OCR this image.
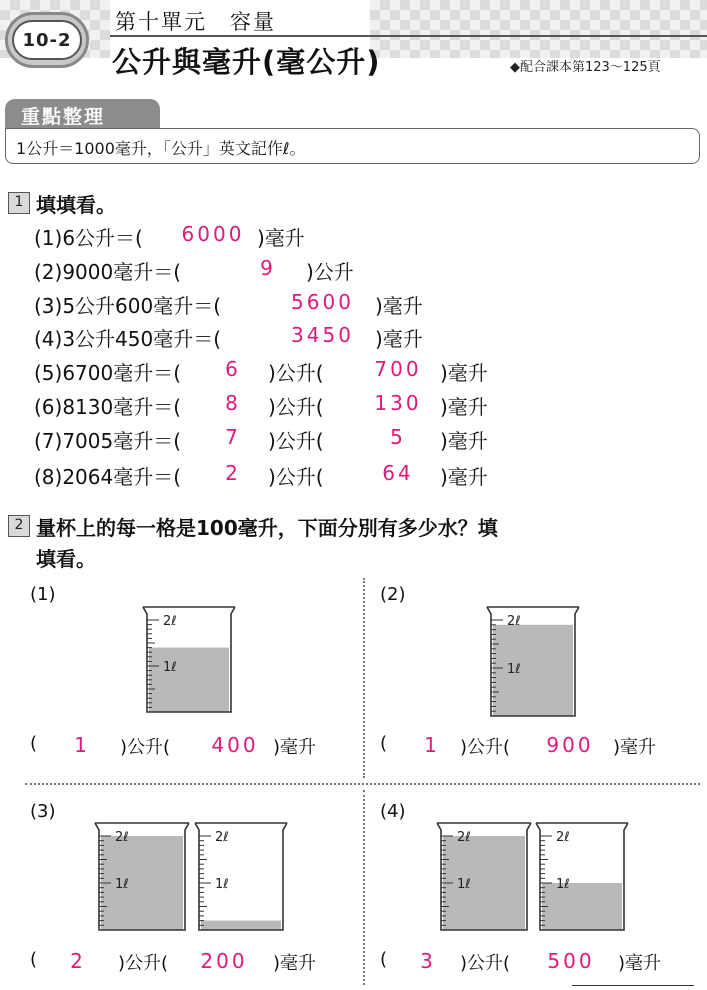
10-2
第十單元　容量
公升與毫升(毫公升)	◆配合課本第123～125頁
重點整理
1公升＝1000毫升，「公升」英文記作ℓ。
1 填填看。
(1)6公升＝(	6000 )毫升
(2)9000毫升＝(	9	)公升
(3)5公升600毫升＝(	5600	)毫升
(4)3公升450毫升＝(	3450	)毫升
(5)6700毫升＝(	6	)公升(	700 )毫升
(6)8130毫升＝(	8	)公升(	130 )毫升
(7)7005毫升＝(	7	)公升(	5	)毫升
(8)2064毫升＝(	2	)公升(	64	)毫升
2 量杯上的每一格是100毫升，下面分別有多少水？填
填看。
(1)
2ℓ
1ℓ
(	1	)公升(	400 )毫升
(2)
2ℓ
1ℓ
(	1	)公升(	900	)毫升
(3)
2ℓ
1ℓ
2ℓ
1ℓ
(	2	)公升(	200	)毫升
(4)
2ℓ
1ℓ
2ℓ
1ℓ
(	3	)公升(	500	)毫升
